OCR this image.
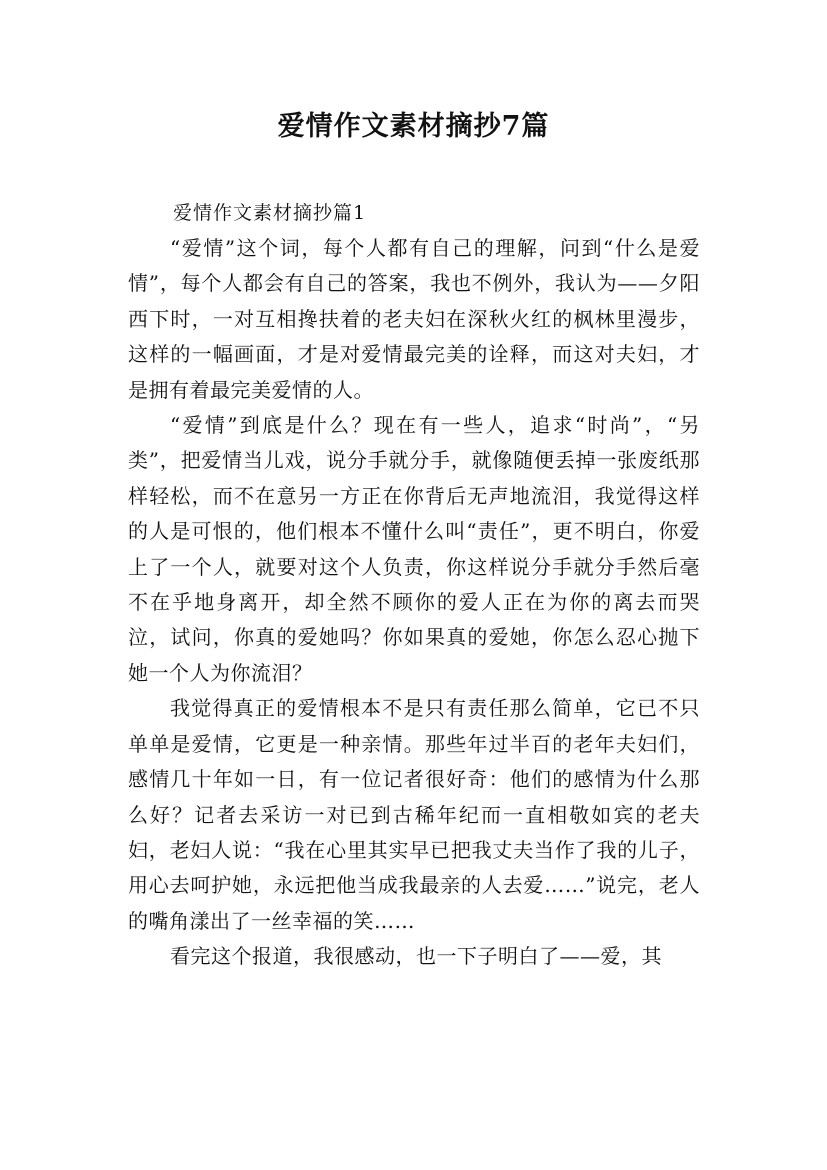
爱情作文素材摘抄7篇

爱情作文素材摘抄篇1

“爱情”这个词，每个人都有自己的理解，问到“什么是爱情”，每个人都会有自己的答案，我也不例外，我认为——夕阳西下时，一对互相搀扶着的老夫妇在深秋火红的枫林里漫步，这样的一幅画面，才是对爱情最完美的诠释，而这对夫妇，才是拥有着最完美爱情的人。

“爱情”到底是什么？现在有一些人，追求“时尚”，“另类”，把爱情当儿戏，说分手就分手，就像随便丢掉一张废纸那样轻松，而不在意另一方正在你背后无声地流泪，我觉得这样的人是可恨的，他们根本不懂什么叫“责任”，更不明白，你爱上了一个人，就要对这个人负责，你这样说分手就分手然后毫不在乎地身离开，却全然不顾你的爱人正在为你的离去而哭泣，试问，你真的爱她吗？你如果真的爱她，你怎么忍心抛下她一个人为你流泪？

我觉得真正的爱情根本不是只有责任那么简单，它已不只单单是爱情，它更是一种亲情。那些年过半百的老年夫妇们，感情几十年如一日，有一位记者很好奇：他们的感情为什么那么好？记者去采访一对已到古稀年纪而一直相敬如宾的老夫妇，老妇人说：“我在心里其实早已把我丈夫当作了我的儿子，用心去呵护她，永远把他当成我最亲的人去爱……”说完，老人的嘴角漾出了一丝幸福的笑……

看完这个报道，我很感动，也一下子明白了——爱，其
